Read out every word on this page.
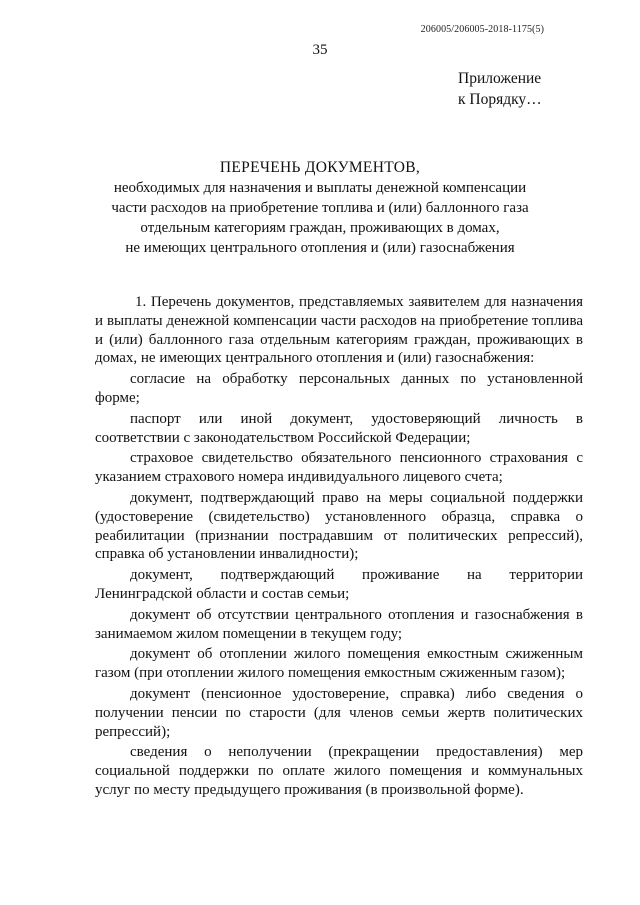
206005/206005-2018-1175(5)
35
Приложение
к Порядку…
ПЕРЕЧЕНЬ ДОКУМЕНТОВ,
необходимых для назначения и выплаты денежной компенсации
части расходов на приобретение топлива и (или) баллонного газа
отдельным категориям граждан, проживающих в домах,
не имеющих центрального отопления и (или) газоснабжения

1. Перечень документов, представляемых заявителем для назначения и выплаты денежной компенсации части расходов на приобретение топлива и (или) баллонного газа отдельным категориям граждан, проживающих в домах, не имеющих центрального отопления и (или) газоснабжения:

согласие на обработку персональных данных по установленной форме;

паспорт или иной документ, удостоверяющий личность в соответствии с законодательством Российской Федерации;

страховое свидетельство обязательного пенсионного страхования с указанием страхового номера индивидуального лицевого счета;

документ, подтверждающий право на меры социальной поддержки (удостоверение (свидетельство) установленного образца, справка о реабилитации (признании пострадавшим от политических репрессий), справка об установлении инвалидности);

документ, подтверждающий проживание на территории Ленинградской области и состав семьи;

документ об отсутствии центрального отопления и газоснабжения в занимаемом жилом помещении в текущем году;

документ об отоплении жилого помещения емкостным сжиженным газом (при отоплении жилого помещения емкостным сжиженным газом);

документ (пенсионное удостоверение, справка) либо сведения о получении пенсии по старости (для членов семьи жертв политических репрессий);

сведения о неполучении (прекращении предоставления) мер социальной поддержки по оплате жилого помещения и коммунальных услуг по месту предыдущего проживания (в произвольной форме).
